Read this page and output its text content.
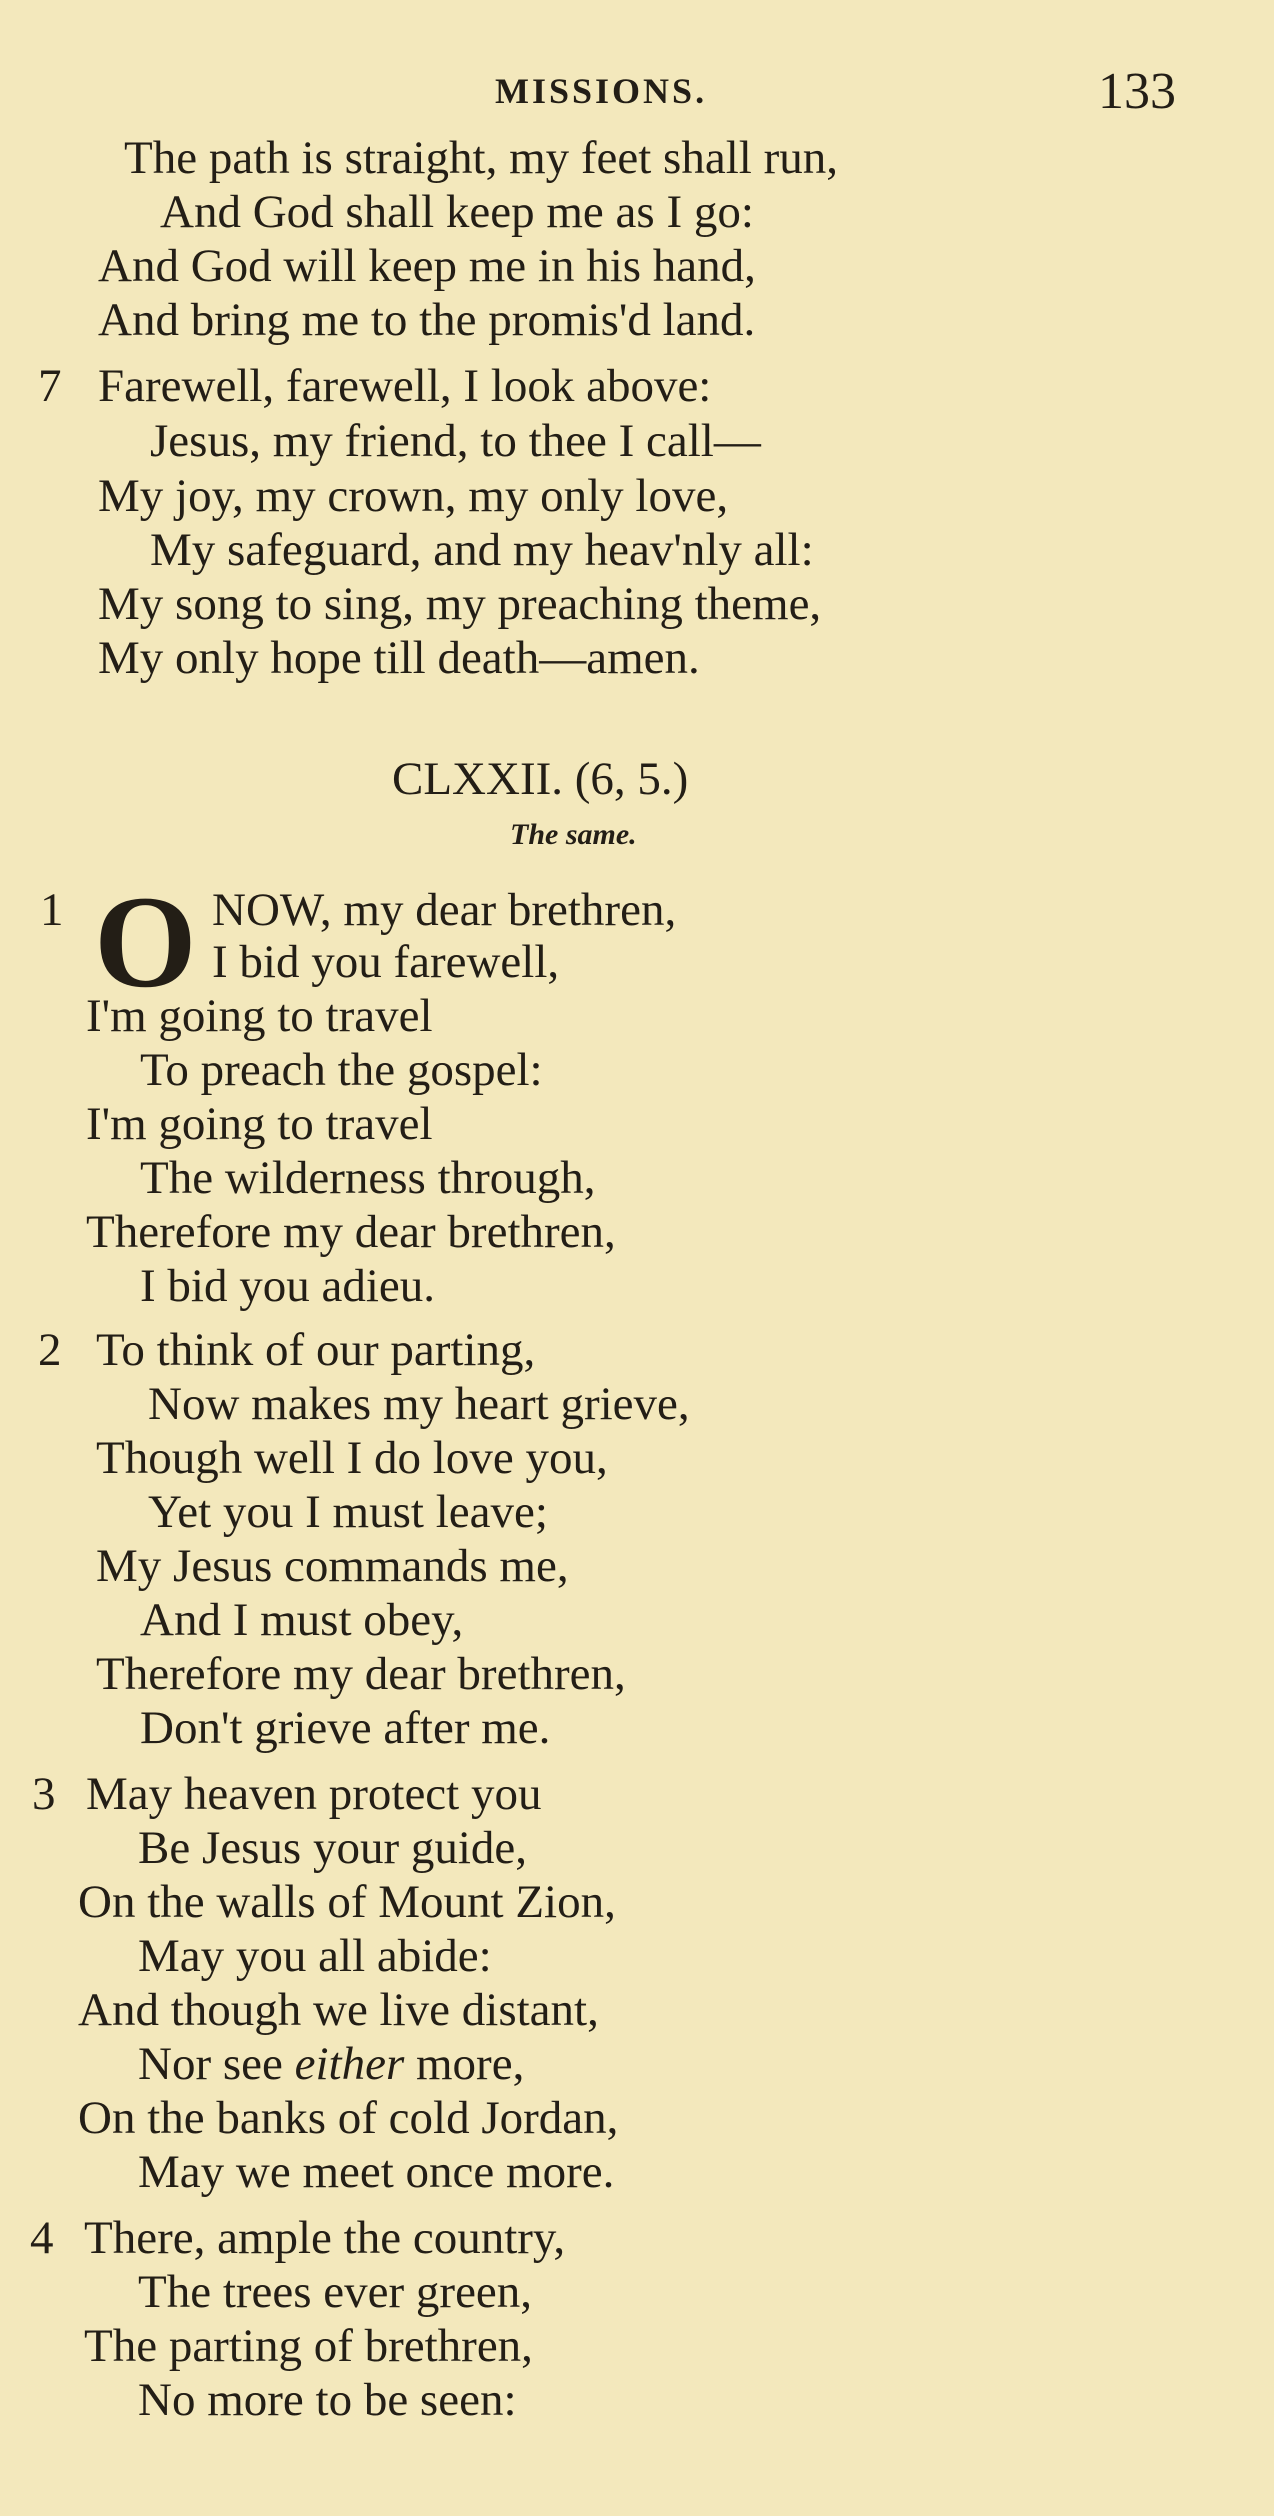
MISSIONS.	133
The path is straight, my feet shall run,
And God shall keep me as I go:
And God will keep me in his hand,
And bring me to the promis'd land.
7 Farewell, farewell, I look above:
Jesus, my friend, to thee I call—
My joy, my crown, my only love,
My safeguard, and my heav'nly all:
My song to sing, my preaching theme,
My only hope till death—amen.
CLXXII. (6, 5.)
The same.
1 O NOW, my dear brethren,
I bid you farewell,
I'm going to travel
To preach the gospel:
I'm going to travel
The wilderness through,
Therefore my dear brethren,
I bid you adieu.
2 To think of our parting,
Now makes my heart grieve,
Though well I do love you,
Yet you I must leave;
My Jesus commands me,
And I must obey,
Therefore my dear brethren,
Don't grieve after me.
3 May heaven protect you
Be Jesus your guide,
On the walls of Mount Zion,
May you all abide:
And though we live distant,
Nor see either more,
On the banks of cold Jordan,
May we meet once more.
4 There, ample the country,
The trees ever green,
The parting of brethren,
No more to be seen:
